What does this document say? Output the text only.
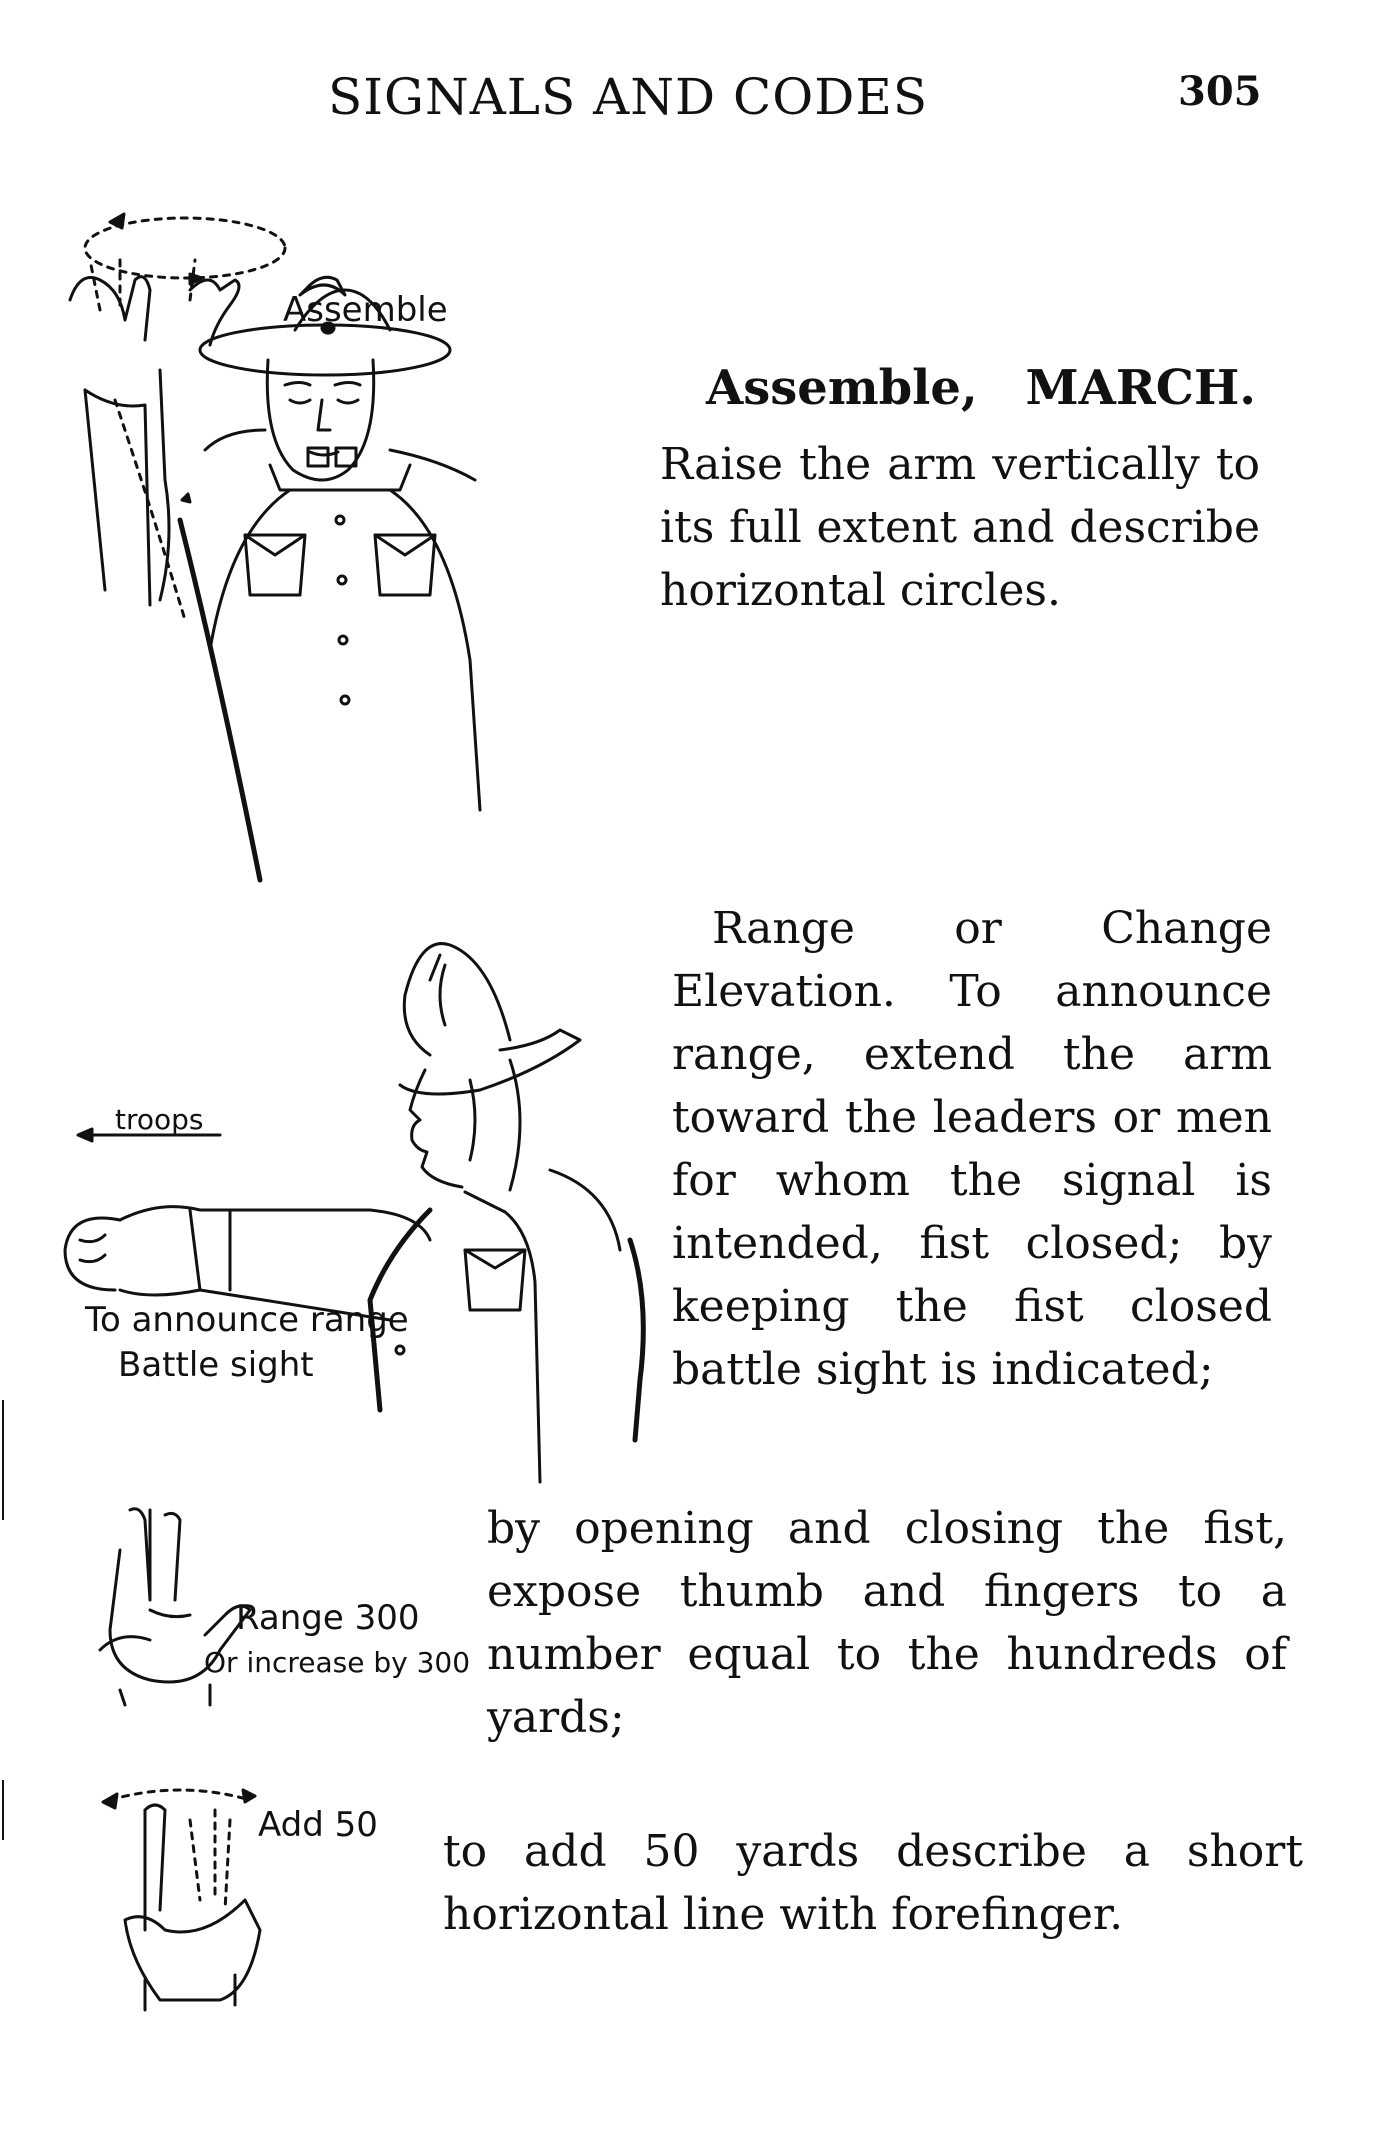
SIGNALS AND CODES	305
Assemble
Assemble, MARCH.
Raise the arm vertically to its full extent and describe horizontal circles.
troops
To announce range
Battle sight
Range or Change Elevation. To announce range, extend the arm toward the leaders or men for whom the signal is intended, fist closed; by keeping the fist closed battle sight is indicated;
Range 300
Or increase by 300
by opening and closing the fist, expose thumb and fingers to a number equal to the hundreds of yards;
Add 50
to add 50 yards describe a short horizontal line with forefinger.
